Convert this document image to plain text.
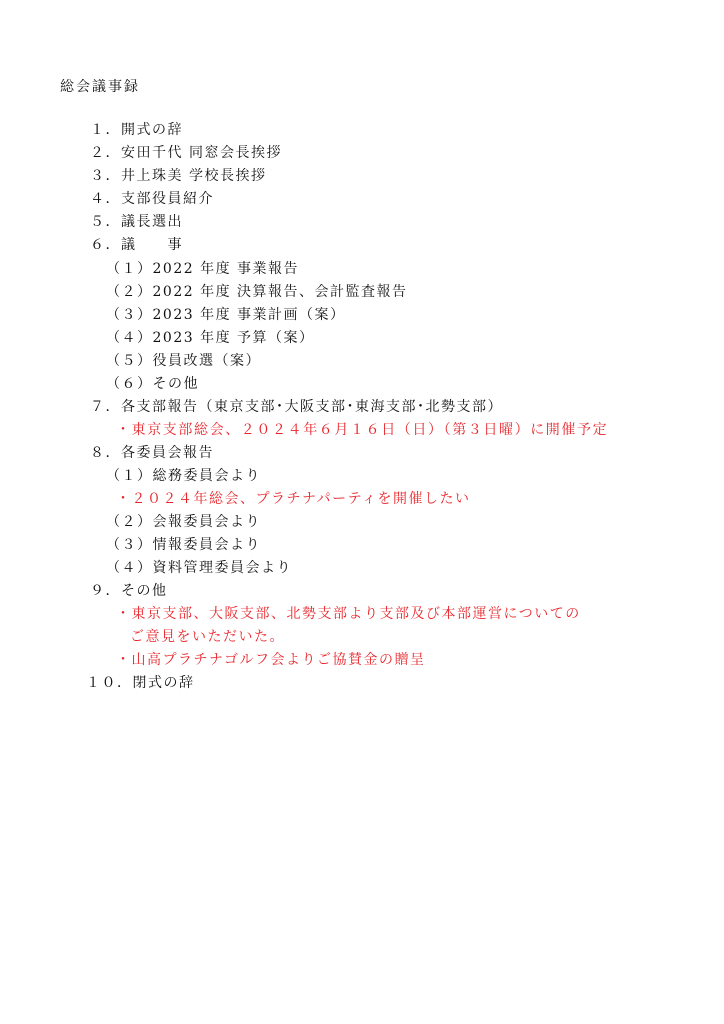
総会議事録
１．開式の辞
２．安田千代 同窓会長挨拶
３．井上珠美 学校長挨拶
４．支部役員紹介
５．議長選出
６．議　　事
（１）2022 年度 事業報告
（２）2022 年度 決算報告、会計監査報告
（３）2023 年度 事業計画（案）
（４）2023 年度 予算（案）
（５）役員改選（案）
（６）その他
７．各支部報告（東京支部･大阪支部･東海支部･北勢支部）
・東京支部総会、２０２４年６月１６日（日）（第３日曜）に開催予定
８．各委員会報告
（１）総務委員会より
・２０２４年総会、プラチナパーティを開催したい
（２）会報委員会より
（３）情報委員会より
（４）資料管理委員会より
９．その他
・東京支部、大阪支部、北勢支部より支部及び本部運営についての
ご意見をいただいた。
・山高プラチナゴルフ会よりご協賛金の贈呈
１０．閉式の辞
